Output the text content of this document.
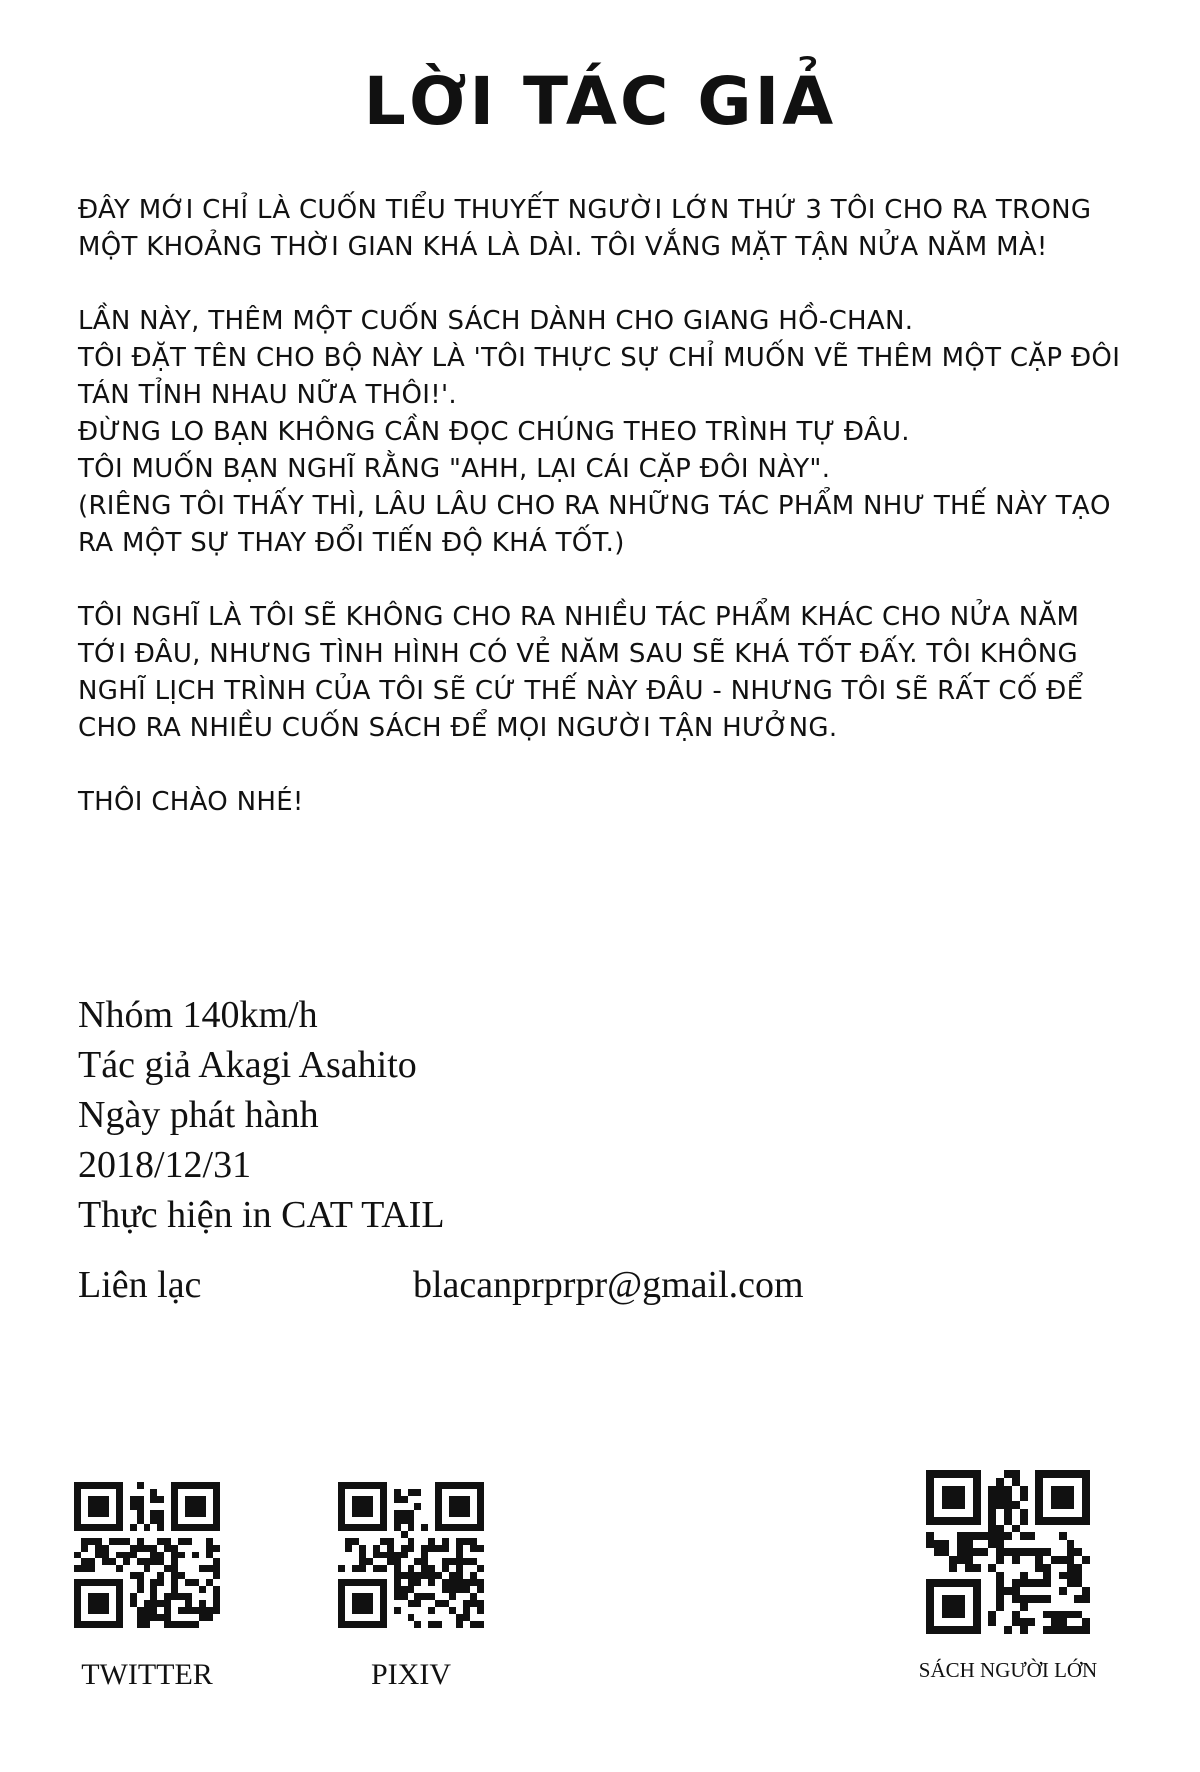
LỜI TÁC GIẢ

ĐÂY MỚI CHỈ LÀ CUỐN TIỂU THUYẾT NGƯỜI LỚN THỨ 3 TÔI CHO RA TRONG
MỘT KHOẢNG THỜI GIAN KHÁ LÀ DÀI. TÔI VẮNG MẶT TẬN NỬA NĂM MÀ!

LẦN NÀY, THÊM MỘT CUỐN SÁCH DÀNH CHO GIANG HỒ-CHAN.
TÔI ĐẶT TÊN CHO BỘ NÀY LÀ 'TÔI THỰC SỰ CHỈ MUỐN VẼ THÊM MỘT CẶP ĐÔI
TÁN TỈNH NHAU NỮA THÔI!'.
ĐỪNG LO BẠN KHÔNG CẦN ĐỌC CHÚNG THEO TRÌNH TỰ ĐÂU.
TÔI MUỐN BẠN NGHĨ RẰNG "AHH, LẠI CÁI CẶP ĐÔI NÀY".
(RIÊNG TÔI THẤY THÌ, LÂU LÂU CHO RA NHỮNG TÁC PHẨM NHƯ THẾ NÀY TẠO
RA MỘT SỰ THAY ĐỔI TIẾN ĐỘ KHÁ TỐT.)

TÔI NGHĨ LÀ TÔI SẼ KHÔNG CHO RA NHIỀU TÁC PHẨM KHÁC CHO NỬA NĂM
TỚI ĐÂU, NHƯNG TÌNH HÌNH CÓ VẺ NĂM SAU SẼ KHÁ TỐT ĐẤY. TÔI KHÔNG
NGHĨ LỊCH TRÌNH CỦA TÔI SẼ CỨ THẾ NÀY ĐÂU - NHƯNG TÔI SẼ RẤT CỐ ĐỂ
CHO RA NHIỀU CUỐN SÁCH ĐỂ MỌI NGƯỜI TẬN HƯỞNG.

THÔI CHÀO NHÉ!

Nhóm 140km/h
Tác giả Akagi Asahito
Ngày phát hành
2018/12/31
Thực hiện in CAT TAIL
Liên lạc	blacanprprpr@gmail.com
TWITTER	PIXIV	SÁCH NGƯỜI LỚN
